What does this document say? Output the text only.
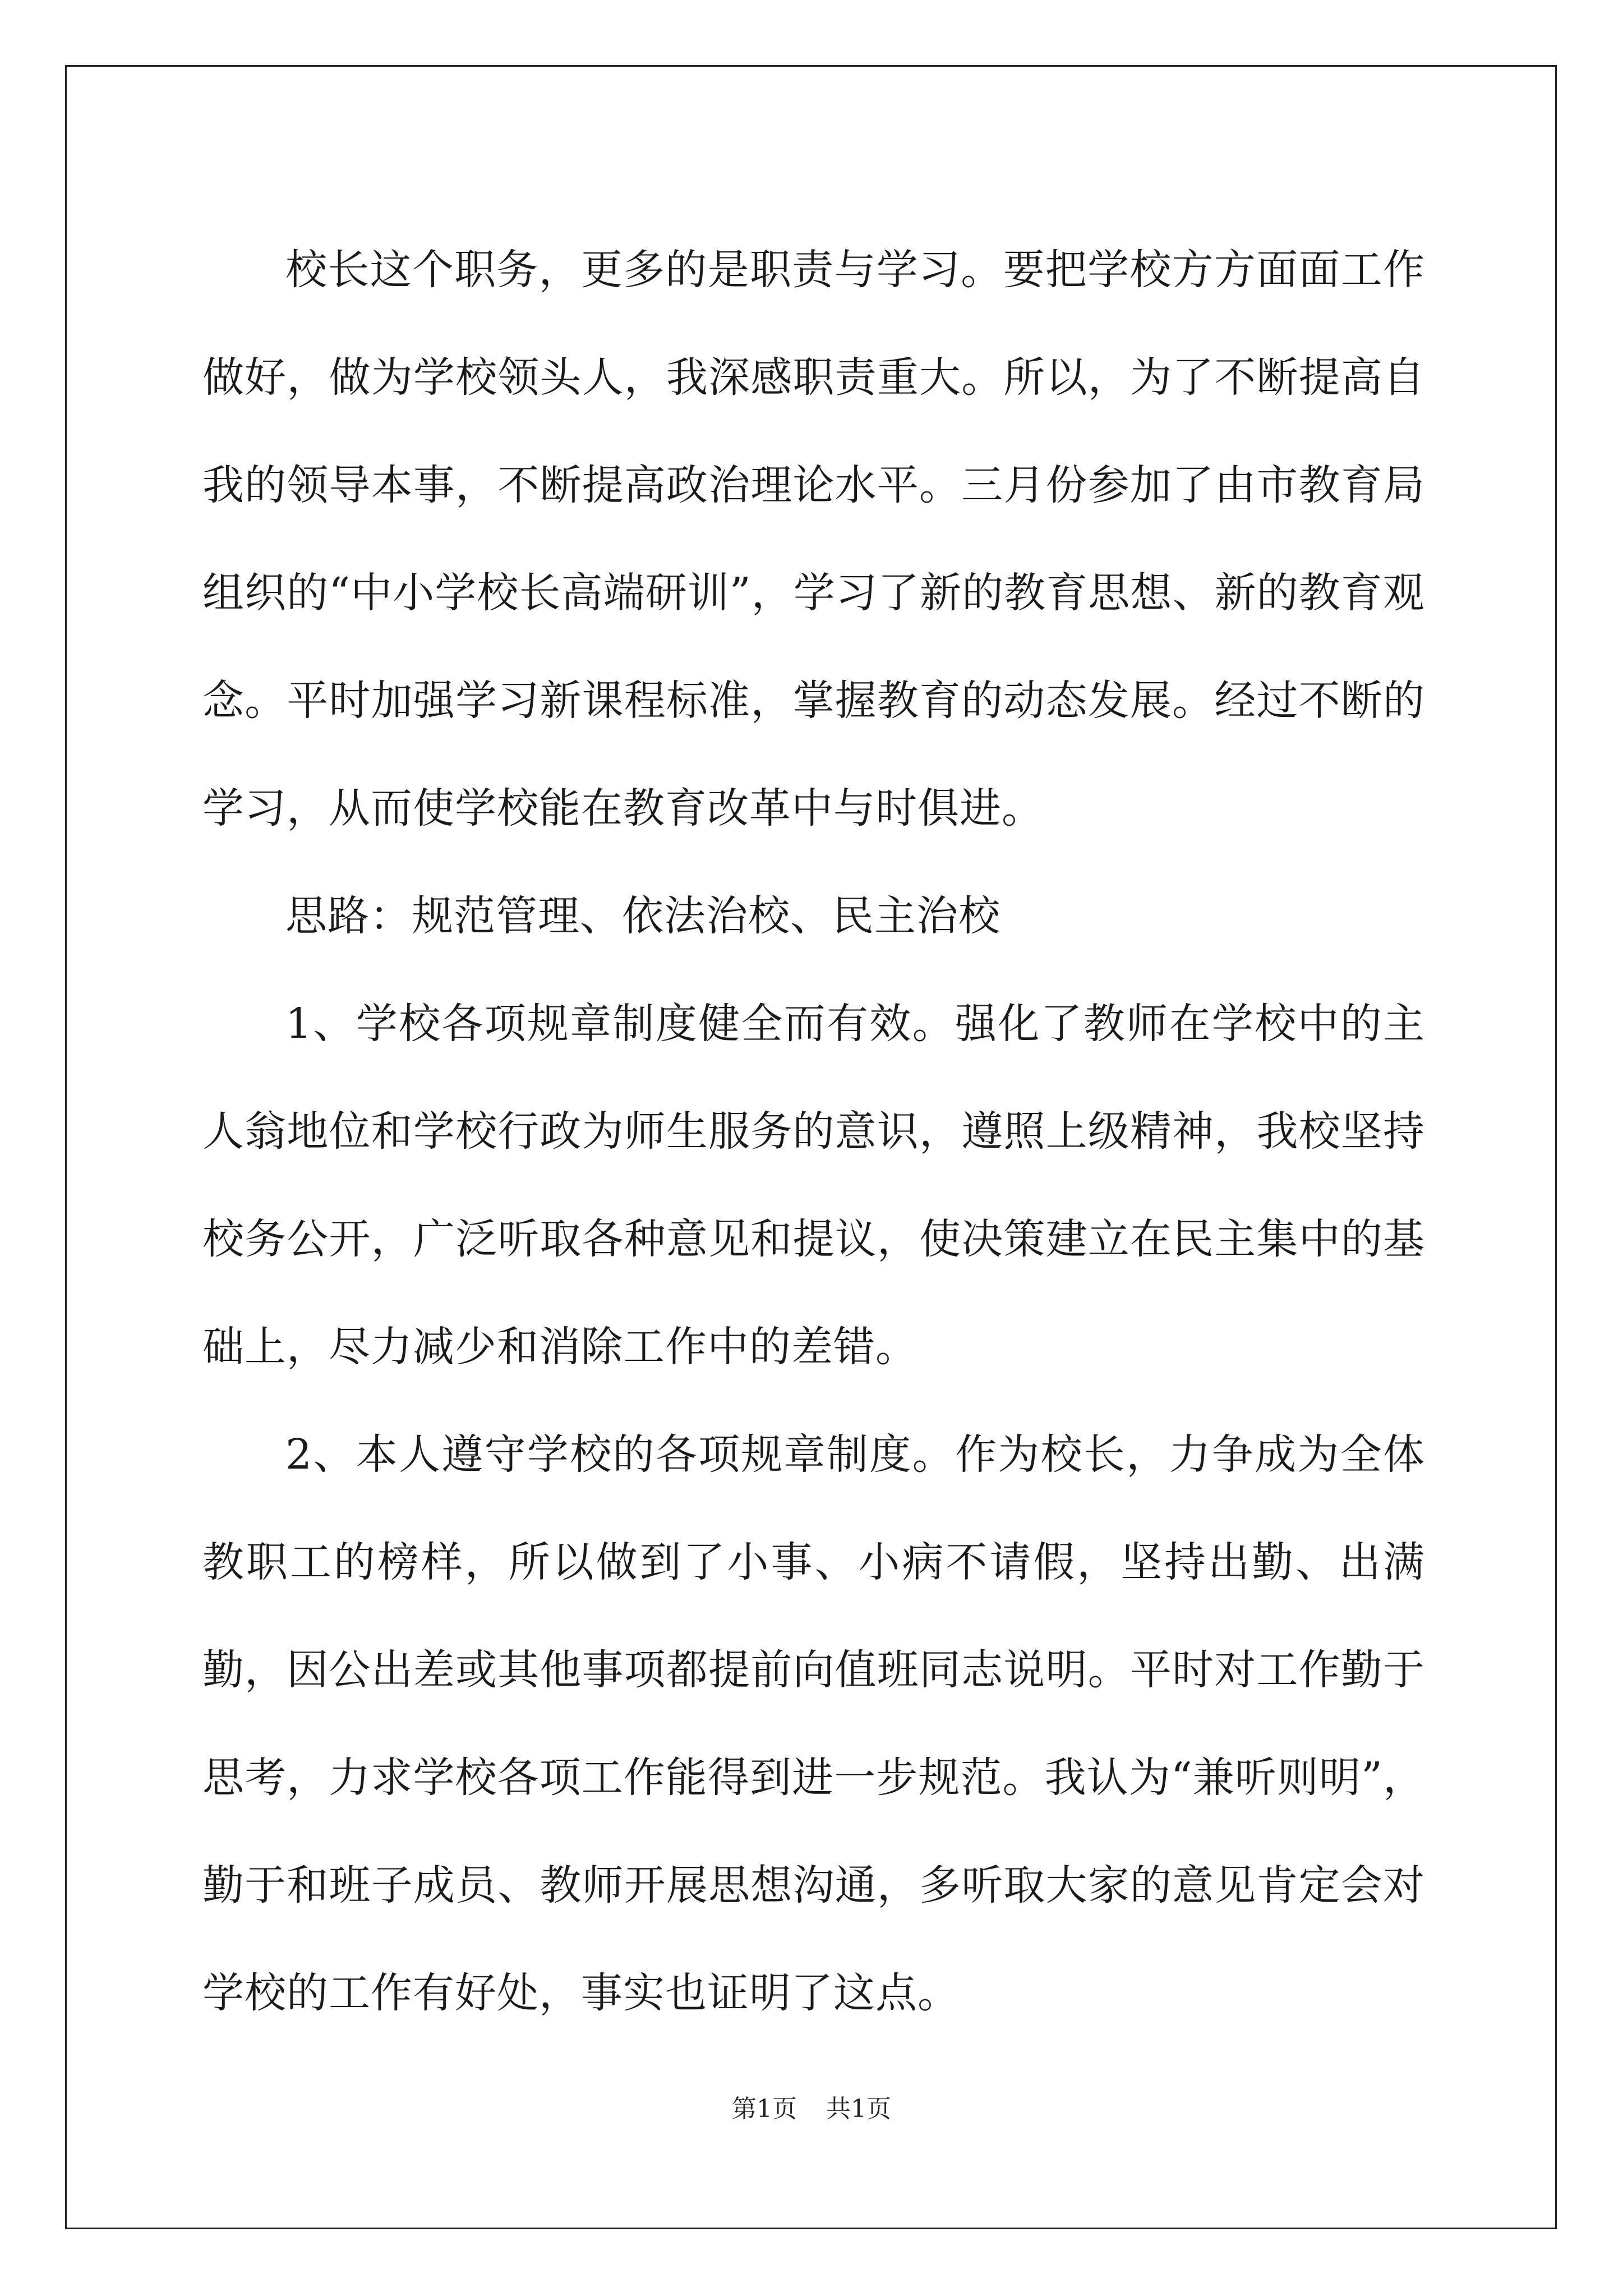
校长这个职务，更多的是职责与学习。要把学校方方面面工作做好，做为学校领头人，我深感职责重大。所以，为了不断提高自我的领导本事，不断提高政治理论水平。三月份参加了由市教育局组织的“中小学校长高端研训”，学习了新的教育思想、新的教育观念。平时加强学习新课程标准，掌握教育的动态发展。经过不断的学习，从而使学校能在教育改革中与时俱进。

思路：规范管理、依法治校、民主治校

1、学校各项规章制度健全而有效。强化了教师在学校中的主人翁地位和学校行政为师生服务的意识，遵照上级精神，我校坚持校务公开，广泛听取各种意见和提议，使决策建立在民主集中的基础上，尽力减少和消除工作中的差错。

2、本人遵守学校的各项规章制度。作为校长，力争成为全体教职工的榜样，所以做到了小事、小病不请假，坚持出勤、出满勤，因公出差或其他事项都提前向值班同志说明。平时对工作勤于思考，力求学校各项工作能得到进一步规范。我认为“兼听则明”，勤于和班子成员、教师开展思想沟通，多听取大家的意见肯定会对学校的工作有好处，事实也证明了这点。

第1页 共1页
